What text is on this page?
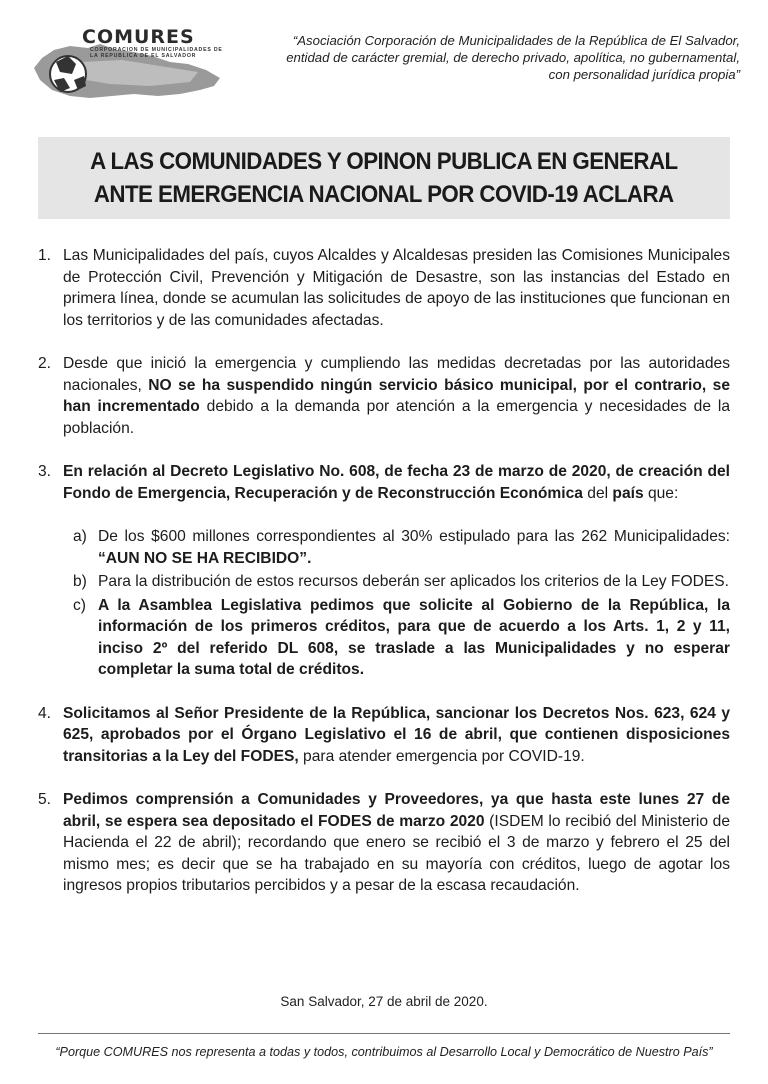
COMURES
CORPORACION DE MUNICIPALIDADES DE
LA REPUBLICA DE EL SALVADOR
“Asociación Corporación de Municipalidades de la República de El Salvador,
entidad de carácter gremial, de derecho privado, apolítica, no gubernamental,
con personalidad jurídica propia”
A LAS COMUNIDADES Y OPINON PUBLICA EN GENERAL
ANTE EMERGENCIA NACIONAL POR COVID-19 ACLARA
1. Las Municipalidades del país, cuyos Alcaldes y Alcaldesas presiden las Comisiones Municipales de Protección Civil, Prevención y Mitigación de Desastre, son las instancias del Estado en primera línea, donde se acumulan las solicitudes de apoyo de las instituciones que funcionan en los territorios y de las comunidades afectadas.
2. Desde que inició la emergencia y cumpliendo las medidas decretadas por las autoridades nacionales, NO se ha suspendido ningún servicio básico municipal, por el contrario, se han incrementado debido a la demanda por atención a la emergencia y necesidades de la población.
3. En relación al Decreto Legislativo No. 608, de fecha 23 de marzo de 2020, de creación del Fondo de Emergencia, Recuperación y de Reconstrucción Económica del país que:
a) De los $600 millones correspondientes al 30% estipulado para las 262 Municipalidades: “AUN NO SE HA RECIBIDO”.
b) Para la distribución de estos recursos deberán ser aplicados los criterios de la Ley FODES.
c) A la Asamblea Legislativa pedimos que solicite al Gobierno de la República, la información de los primeros créditos, para que de acuerdo a los Arts. 1, 2 y 11, inciso 2º del referido DL 608, se traslade a las Municipalidades y no esperar completar la suma total de créditos.
4. Solicitamos al Señor Presidente de la República, sancionar los Decretos Nos. 623, 624 y 625, aprobados por el Órgano Legislativo el 16 de abril, que contienen disposiciones transitorias a la Ley del FODES, para atender emergencia por COVID-19.
5. Pedimos comprensión a Comunidades y Proveedores, ya que hasta este lunes 27 de abril, se espera sea depositado el FODES de marzo 2020 (ISDEM lo recibió del Ministerio de Hacienda el 22 de abril); recordando que enero se recibió el 3 de marzo y febrero el 25 del mismo mes; es decir que se ha trabajado en su mayoría con créditos, luego de agotar los ingresos propios tributarios percibidos y a pesar de la escasa recaudación.
San Salvador, 27 de abril de 2020.
“Porque COMURES nos representa a todas y todos, contribuimos al Desarrollo Local y Democrático de Nuestro País”
